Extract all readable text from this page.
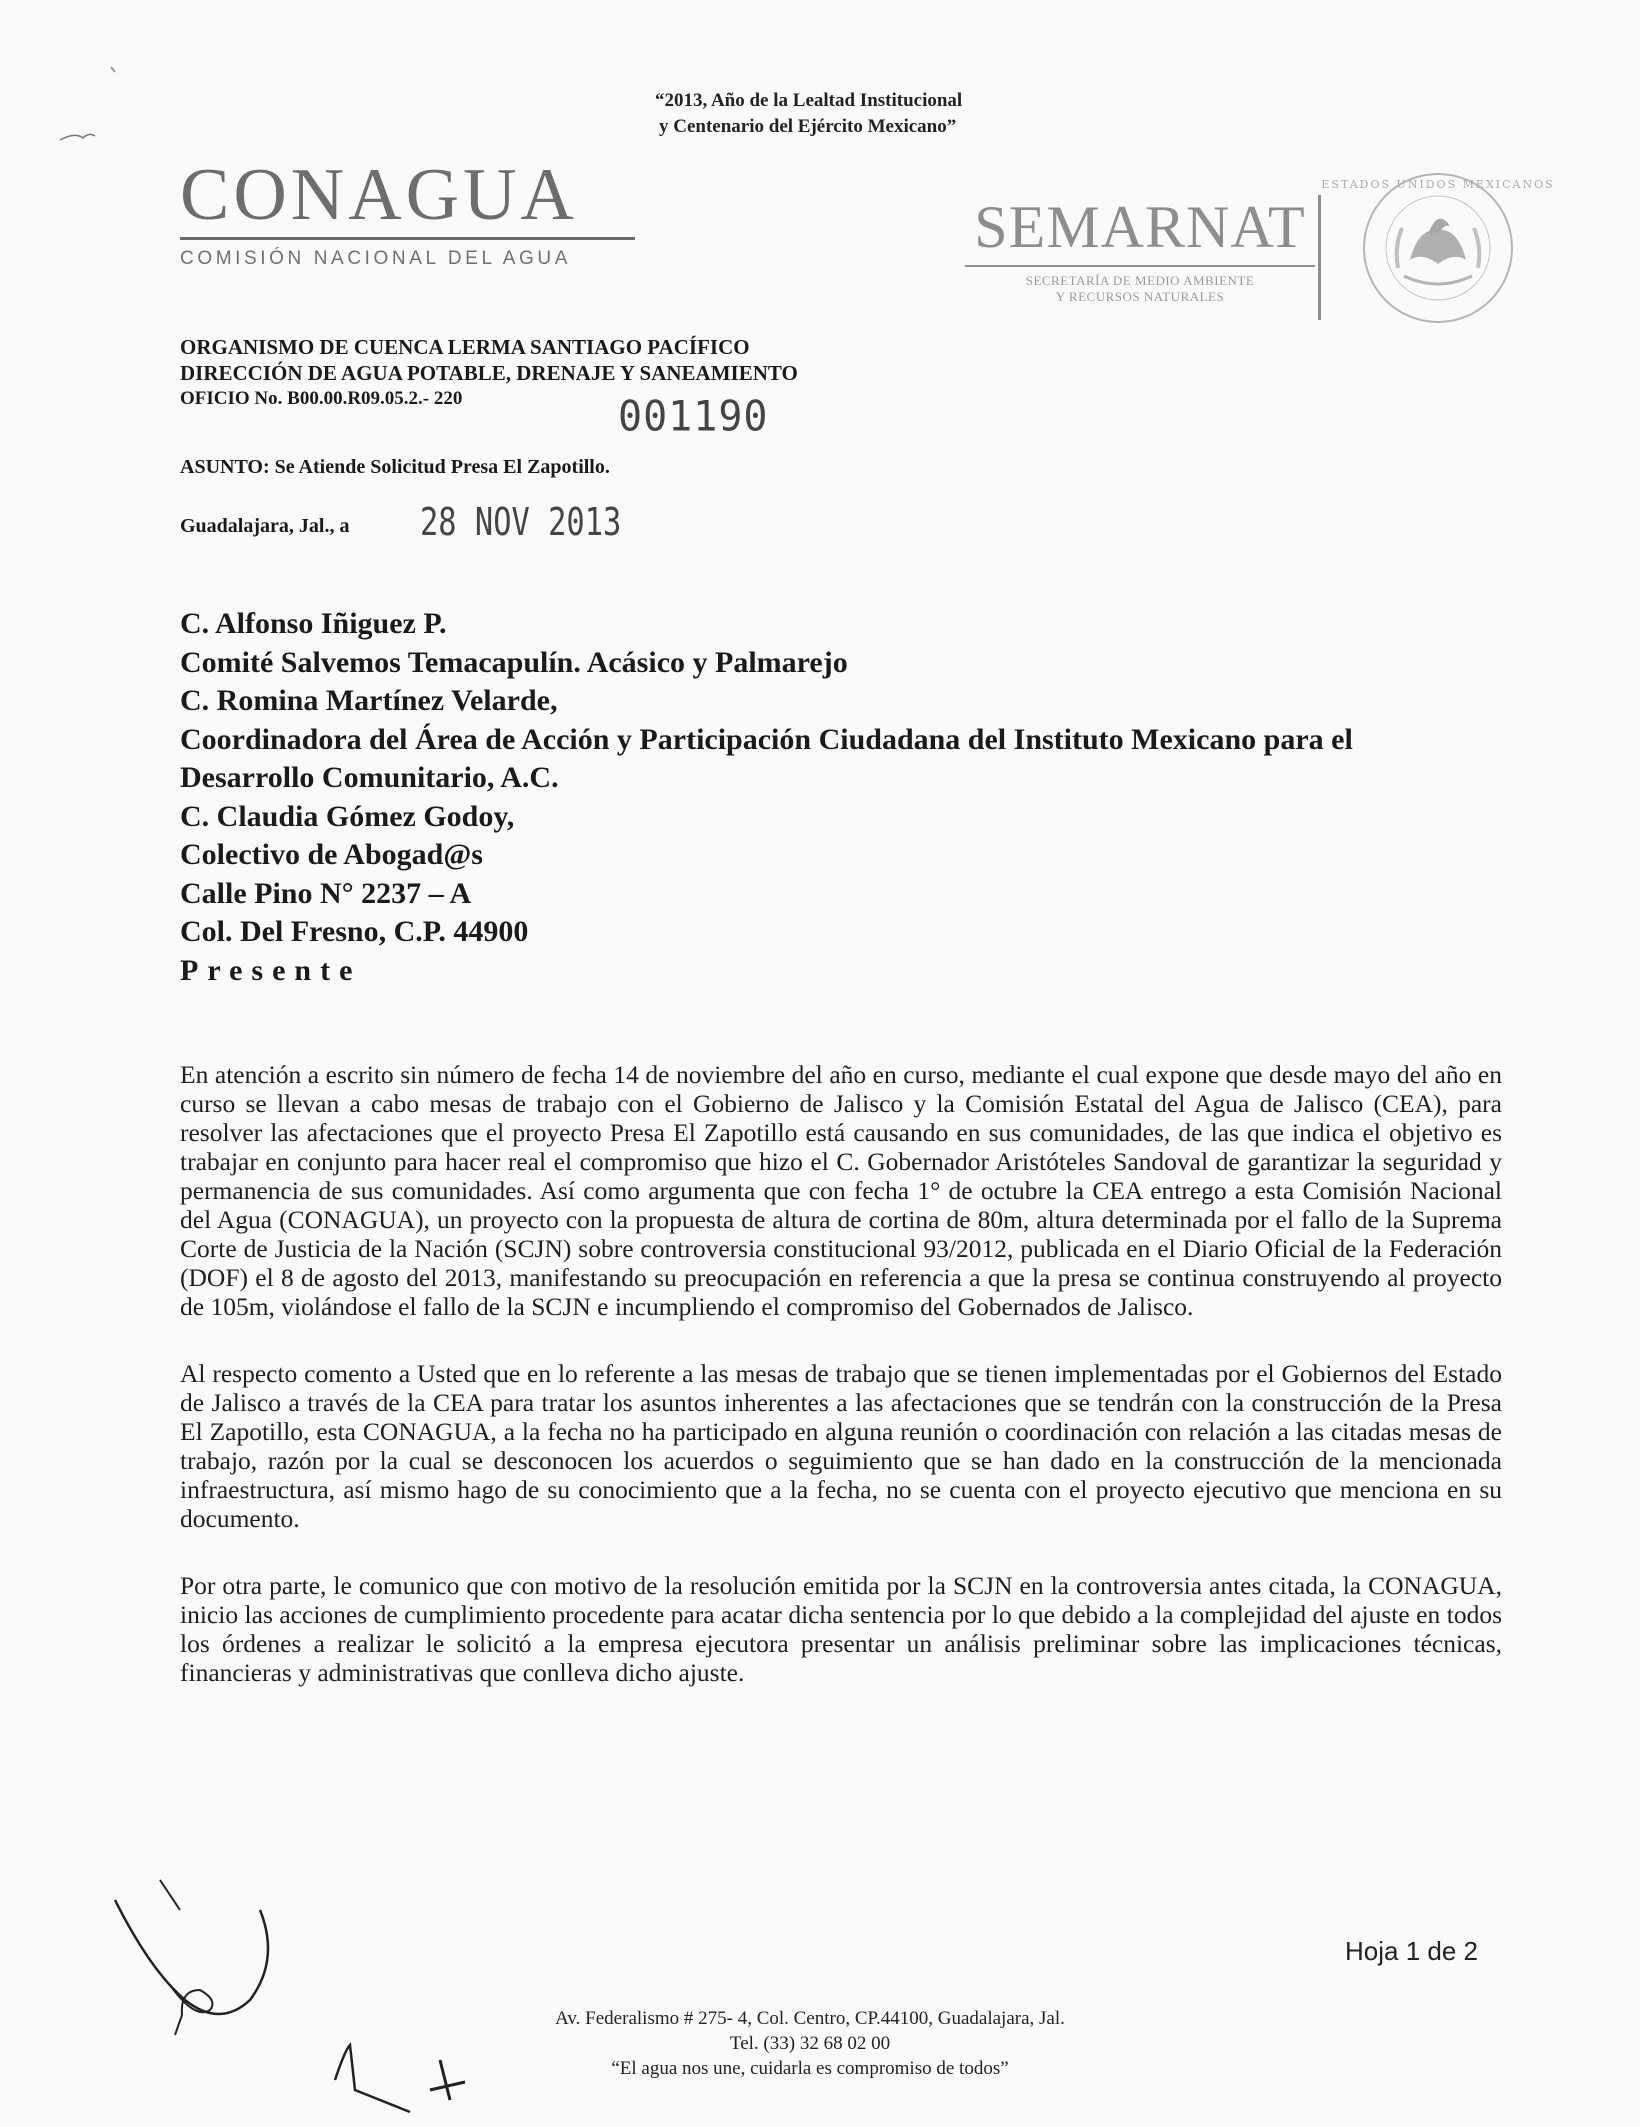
“2013, Año de la Lealtad Institucional
y Centenario del Ejército Mexicano”
CONAGUA
COMISIÓN NACIONAL DEL AGUA	SEMARNAT
SECRETARÍA DE MEDIO AMBIENTE
Y RECURSOS NATURALES
ESTADOS UNIDOS MEXICANOS
ORGANISMO DE CUENCA LERMA SANTIAGO PACÍFICO
DIRECCIÓN DE AGUA POTABLE, DRENAJE Y SANEAMIENTO
OFICIO No. B00.00.R09.05.2.- 220	001190
ASUNTO: Se Atiende Solicitud Presa El Zapotillo.
Guadalajara, Jal., a 28 NOV 2013
C. Alfonso Iñiguez P.
Comité Salvemos Temacapulín. Acásico y Palmarejo
C. Romina Martínez Velarde,
Coordinadora del Área de Acción y Participación Ciudadana del Instituto Mexicano para el
Desarrollo Comunitario, A.C.
C. Claudia Gómez Godoy,
Colectivo de Abogad@s
Calle Pino N° 2237 – A
Col. Del Fresno, C.P. 44900
Presente

En atención a escrito sin número de fecha 14 de noviembre del año en curso, mediante el cual expone que desde mayo del año en curso se llevan a cabo mesas de trabajo con el Gobierno de Jalisco y la Comisión Estatal del Agua de Jalisco (CEA), para resolver las afectaciones que el proyecto Presa El Zapotillo está causando en sus comunidades, de las que indica el objetivo es trabajar en conjunto para hacer real el compromiso que hizo el C. Gobernador Aristóteles Sandoval de garantizar la seguridad y permanencia de sus comunidades. Así como argumenta que con fecha 1° de octubre la CEA entrego a esta Comisión Nacional del Agua (CONAGUA), un proyecto con la propuesta de altura de cortina de 80m, altura determinada por el fallo de la Suprema Corte de Justicia de la Nación (SCJN) sobre controversia constitucional 93/2012, publicada en el Diario Oficial de la Federación (DOF) el 8 de agosto del 2013, manifestando su preocupación en referencia a que la presa se continua construyendo al proyecto de 105m, violándose el fallo de la SCJN e incumpliendo el compromiso del Gobernados de Jalisco.

Al respecto comento a Usted que en lo referente a las mesas de trabajo que se tienen implementadas por el Gobiernos del Estado de Jalisco a través de la CEA para tratar los asuntos inherentes a las afectaciones que se tendrán con la construcción de la Presa El Zapotillo, esta CONAGUA, a la fecha no ha participado en alguna reunión o coordinación con relación a las citadas mesas de trabajo, razón por la cual se desconocen los acuerdos o seguimiento que se han dado en la construcción de la mencionada infraestructura, así mismo hago de su conocimiento que a la fecha, no se cuenta con el proyecto ejecutivo que menciona en su documento.

Por otra parte, le comunico que con motivo de la resolución emitida por la SCJN en la controversia antes citada, la CONAGUA, inicio las acciones de cumplimiento procedente para acatar dicha sentencia por lo que debido a la complejidad del ajuste en todos los órdenes a realizar le solicitó a la empresa ejecutora presentar un análisis preliminar sobre las implicaciones técnicas, financieras y administrativas que conlleva dicho ajuste.

Hoja 1 de 2
Av. Federalismo # 275- 4, Col. Centro, CP.44100, Guadalajara, Jal.
Tel. (33) 32 68 02 00
“El agua nos une, cuidarla es compromiso de todos”
